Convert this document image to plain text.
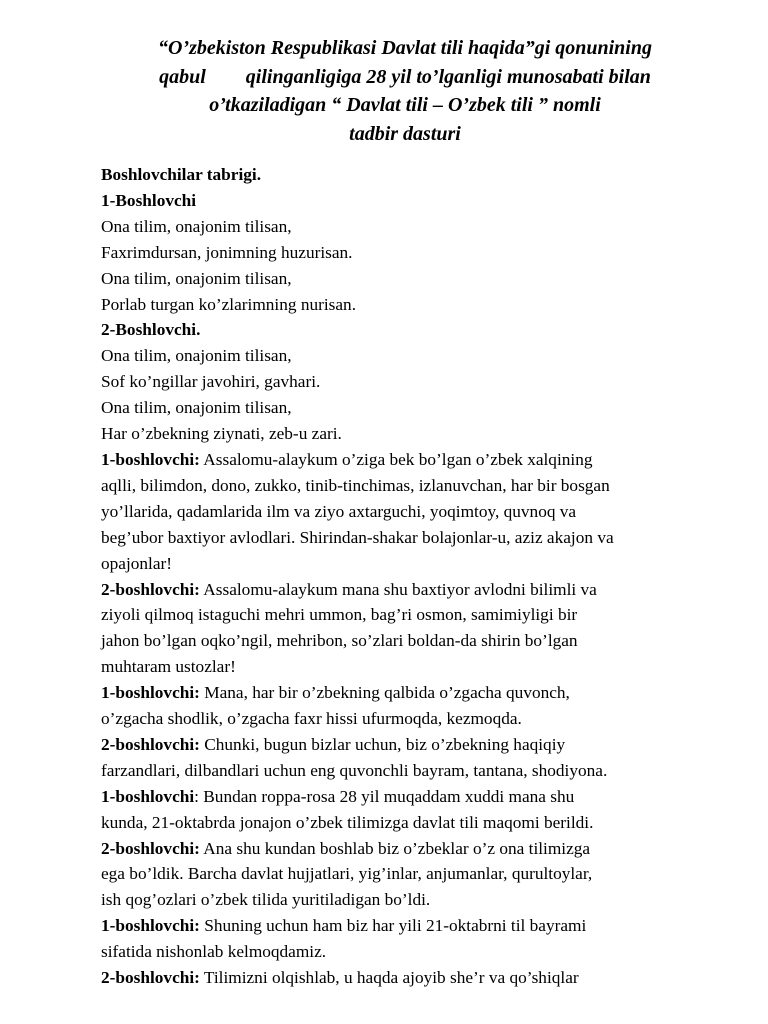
“O’zbekiston Respublikasi Davlat tili haqida”gi qonunining
qabul qilinganligiga 28 yil to’lganligi munosabati bilan
o’tkaziladigan “ Davlat tili – O’zbek tili ” nomli
tadbir dasturi
Boshlovchilar tabrigi.
1-Boshlovchi
Ona tilim, onajonim tilisan,
Faxrimdursan, jonimning huzurisan.
Ona tilim, onajonim tilisan,
Porlab turgan ko’zlarimning nurisan.
2-Boshlovchi.
Ona tilim, onajonim tilisan,
Sof ko’ngillar javohiri, gavhari.
Ona tilim, onajonim tilisan,
Har o’zbekning ziynati, zeb-u zari.
1-boshlovchi: Assalomu-alaykum o’ziga bek bo’lgan o’zbek xalqining
aqlli, bilimdon, dono, zukko, tinib-tinchimas, izlanuvchan, har bir bosgan
yo’llarida, qadamlarida ilm va ziyo axtarguchi, yoqimtoy, quvnoq va
beg’ubor baxtiyor avlodlari. Shirindan-shakar bolajonlar-u, aziz akajon va
opajonlar!
2-boshlovchi: Assalomu-alaykum mana shu baxtiyor avlodni bilimli va
ziyoli qilmoq istaguchi mehri ummon, bag’ri osmon, samimiyligi bir
jahon bo’lgan oqko’ngil, mehribon, so’zlari boldan-da shirin bo’lgan
muhtaram ustozlar!
1-boshlovchi: Mana, har bir o’zbekning qalbida o’zgacha quvonch,
o’zgacha shodlik, o’zgacha faxr hissi ufurmoqda, kezmoqda.
2-boshlovchi: Chunki, bugun bizlar uchun, biz o’zbekning haqiqiy
farzandlari, dilbandlari uchun eng quvonchli bayram, tantana, shodiyona.
1-boshlovchi: Bundan roppa-rosa 28 yil muqaddam xuddi mana shu
kunda, 21-oktabrda jonajon o’zbek tilimizga davlat tili maqomi berildi.
2-boshlovchi: Ana shu kundan boshlab biz o’zbeklar o’z ona tilimizga
ega bo’ldik. Barcha davlat hujjatlari, yig’inlar, anjumanlar, qurultoylar,
ish qog’ozlari o’zbek tilida yuritiladigan bo’ldi.
1-boshlovchi: Shuning uchun ham biz har yili 21-oktabrni til bayrami
sifatida nishonlab kelmoqdamiz.
2-boshlovchi: Tilimizni olqishlab, u haqda ajoyib she’r va qo’shiqlar
